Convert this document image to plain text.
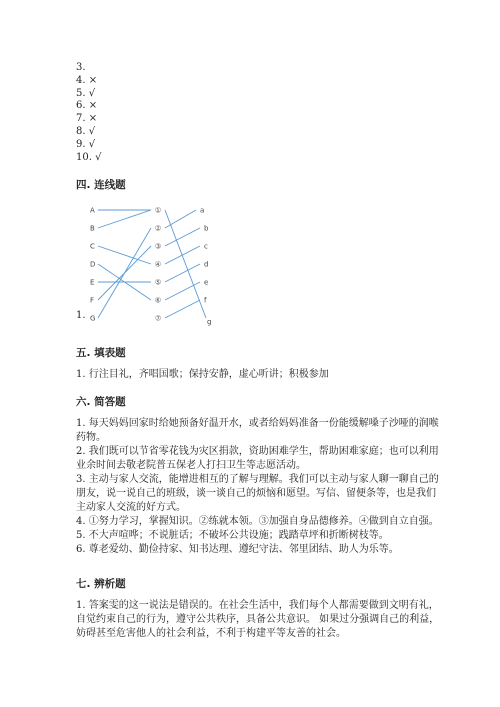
3.
4. ×
5. √
6. ×
7. ×
8. √
9. √
10. √
四. 连线题
A
B
C
D
E
F
G
①
②
③
④
⑤
⑥
⑦
a
b
c
d
e
f
g
1.
五. 填表题

1. 行注目礼，齐唱国歌；保持安静，虚心听讲；积极参加

六. 简答题

1. 每天妈妈回家时给她预备好温开水，或者给妈妈准备一份能缓解嗓子沙哑的润喉药物。

2. 我们既可以节省零花钱为灾区捐款，资助困难学生，帮助困难家庭；也可以利用业余时间去敬老院普五保老人打扫卫生等志愿活动。

3. 主动与家人交流，能增进相互的了解与理解。我们可以主动与家人聊一聊自己的朋友，说一说自己的班级，谈一谈自己的烦恼和愿望。写信、留便条等，也是我们主动家人交流的好方式。

4. ①努力学习，掌握知识。②练就本领。③加强自身品德修养。④做到自立自强。

5. 不大声喧哗；不说脏话；不破坏公共设施；践踏草坪和折断树枝等。

6. 尊老爱幼、勤俭持家、知书达理、遵纪守法、邻里团结、助人为乐等。

七. 辨析题

1. 答案雯的这一说法是错误的。在社会生活中，我们每个人都需要做到文明有礼，自觉约束自己的行为，遵守公共秩序，具备公共意识。 如果过分强调自己的利益，妨碍甚至危害他人的社会利益，不利于构建平等友善的社会。
